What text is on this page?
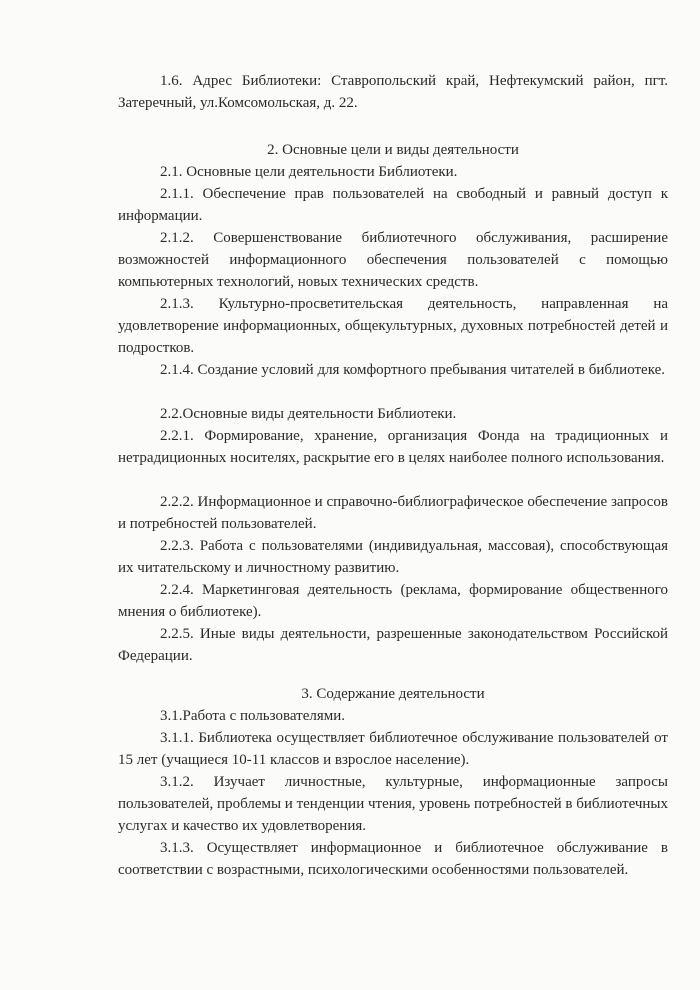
1.6. Адрес Библиотеки: Ставропольский край, Нефтекумский район, пгт. Затеречный, ул.Комсомольская, д. 22.

2. Основные цели и виды деятельности

2.1. Основные цели деятельности Библиотеки.

2.1.1. Обеспечение прав пользователей на свободный и равный доступ к информации.

2.1.2. Совершенствование библиотечного обслуживания, расширение возможностей информационного обеспечения пользователей с помощью компьютерных технологий, новых технических средств.

2.1.3. Культурно-просветительская деятельность, направленная на удовлетворение информационных, общекультурных, духовных потребностей детей и подростков.

2.1.4. Создание условий для комфортного пребывания читателей в библиотеке.

2.2.Основные виды деятельности Библиотеки.

2.2.1. Формирование, хранение, организация Фонда на традиционных и нетрадиционных носителях, раскрытие его в целях наиболее полного использования.

2.2.2. Информационное и справочно-библиографическое обеспечение запросов и потребностей пользователей.

2.2.3. Работа с пользователями (индивидуальная, массовая), способствующая их читательскому и личностному развитию.

2.2.4. Маркетинговая деятельность (реклама, формирование общественного мнения о библиотеке).

2.2.5. Иные виды деятельности, разрешенные законодательством Российской Федерации.

3. Содержание деятельности

3.1.Работа с пользователями.

3.1.1. Библиотека осуществляет библиотечное обслуживание пользователей от 15 лет (учащиеся 10-11 классов и взрослое население).

3.1.2. Изучает личностные, культурные, информационные запросы пользователей, проблемы и тенденции чтения, уровень потребностей в библиотечных услугах и качество их удовлетворения.

3.1.3. Осуществляет информационное и библиотечное обслуживание в соответствии с возрастными, психологическими особенностями пользователей.
